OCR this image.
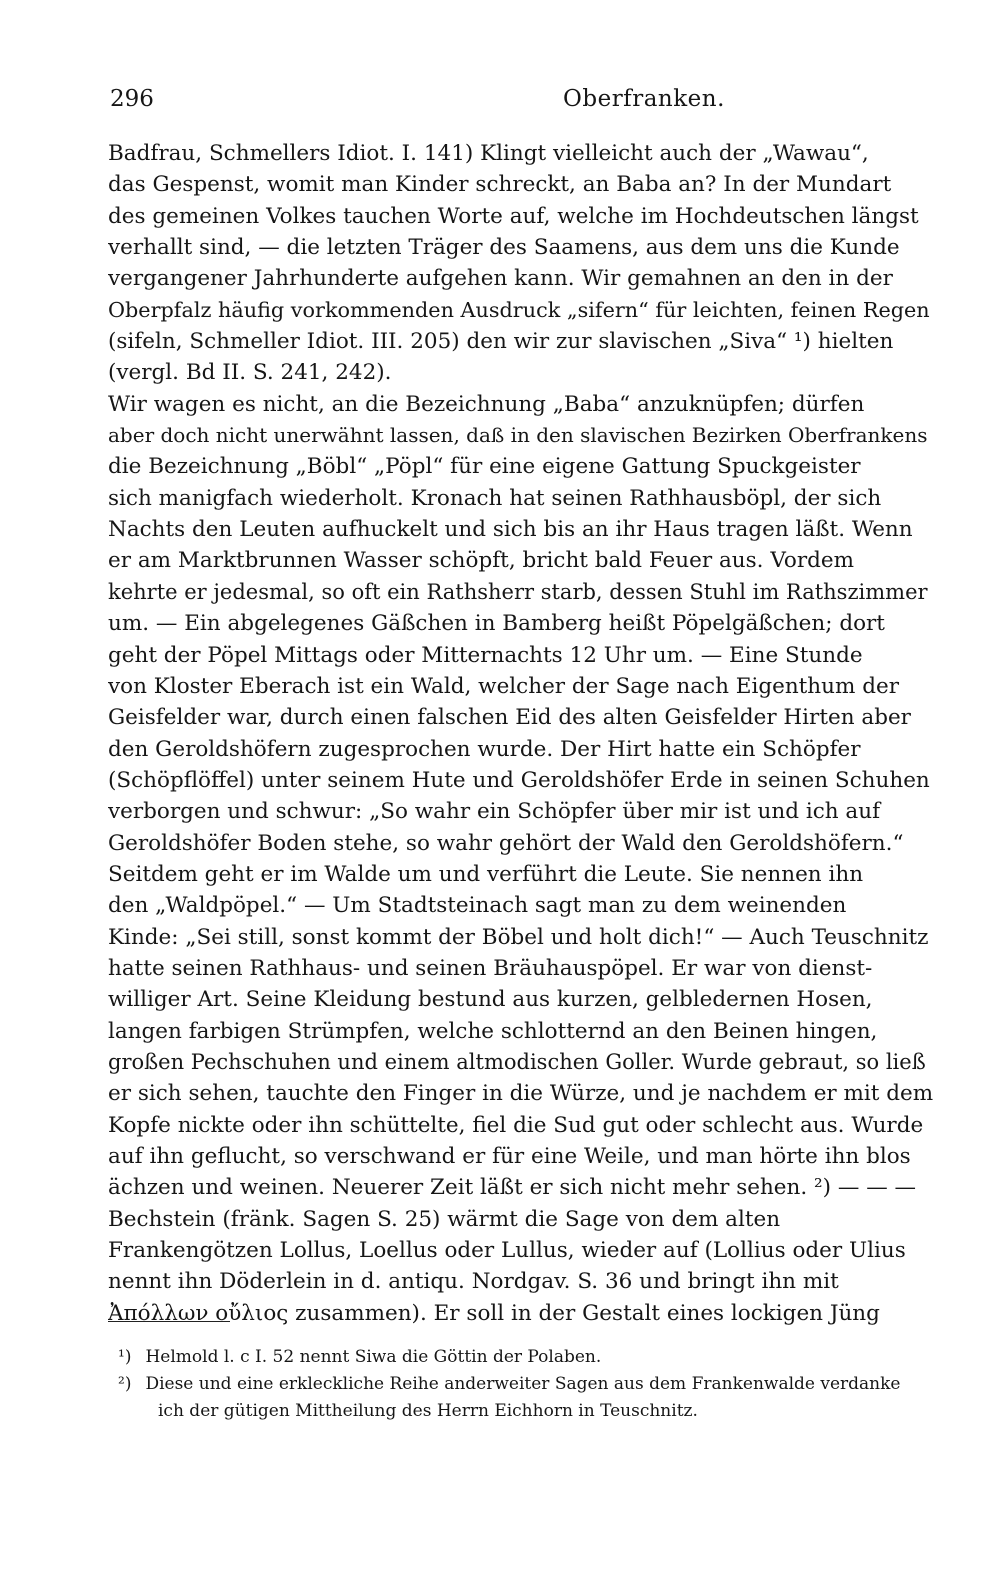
296	Oberfranken.
Badfrau, Schmellers Idiot. I. 141) Klingt vielleicht auch der „Wawau“,
das Gespenst, womit man Kinder schreckt, an Baba an? In der Mundart
des gemeinen Volkes tauchen Worte auf, welche im Hochdeutschen längst
verhallt sind, — die letzten Träger des Saamens, aus dem uns die Kunde
vergangener Jahrhunderte aufgehen kann. Wir gemahnen an den in der
Oberpfalz häufig vorkommenden Ausdruck „sifern“ für leichten, feinen Regen
(sifeln, Schmeller Idiot. III. 205) den wir zur slavischen „Siva“ ¹) hielten
(vergl. Bd II. S. 241, 242).
Wir wagen es nicht, an die Bezeichnung „Baba“ anzuknüpfen; dürfen
aber doch nicht unerwähnt lassen, daß in den slavischen Bezirken Oberfrankens
die Bezeichnung „Böbl“ „Pöpl“ für eine eigene Gattung Spuckgeister
sich manigfach wiederholt. Kronach hat seinen Rathhausböpl, der sich
Nachts den Leuten aufhuckelt und sich bis an ihr Haus tragen läßt. Wenn
er am Marktbrunnen Wasser schöpft, bricht bald Feuer aus. Vordem
kehrte er jedesmal, so oft ein Rathsherr starb, dessen Stuhl im Rathszimmer
um. — Ein abgelegenes Gäßchen in Bamberg heißt Pöpelgäßchen; dort
geht der Pöpel Mittags oder Mitternachts 12 Uhr um. — Eine Stunde
von Kloster Eberach ist ein Wald, welcher der Sage nach Eigenthum der
Geisfelder war, durch einen falschen Eid des alten Geisfelder Hirten aber
den Geroldshöfern zugesprochen wurde. Der Hirt hatte ein Schöpfer
(Schöpflöffel) unter seinem Hute und Geroldshöfer Erde in seinen Schuhen
verborgen und schwur: „So wahr ein Schöpfer über mir ist und ich auf
Geroldshöfer Boden stehe, so wahr gehört der Wald den Geroldshöfern.“
Seitdem geht er im Walde um und verführt die Leute. Sie nennen ihn
den „Waldpöpel.“ — Um Stadtsteinach sagt man zu dem weinenden
Kinde: „Sei still, sonst kommt der Böbel und holt dich!“ — Auch Teuschnitz
hatte seinen Rathhaus- und seinen Bräuhauspöpel. Er war von dienst-
williger Art. Seine Kleidung bestund aus kurzen, gelbledernen Hosen,
langen farbigen Strümpfen, welche schlotternd an den Beinen hingen,
großen Pechschuhen und einem altmodischen Goller. Wurde gebraut, so ließ
er sich sehen, tauchte den Finger in die Würze, und je nachdem er mit dem
Kopfe nickte oder ihn schüttelte, fiel die Sud gut oder schlecht aus. Wurde
auf ihn geflucht, so verschwand er für eine Weile, und man hörte ihn blos
ächzen und weinen. Neuerer Zeit läßt er sich nicht mehr sehen. ²) — — —
Bechstein (fränk. Sagen S. 25) wärmt die Sage von dem alten
Frankengötzen Lollus, Loellus oder Lullus, wieder auf (Lollius oder Ulius
nennt ihn Döderlein in d. antiqu. Nordgav. S. 36 und bringt ihn mit
Ἀπόλλων οὔλιος zusammen). Er soll in der Gestalt eines lockigen Jüng
¹) Helmold l. c I. 52 nennt Siwa die Göttin der Polaben.
²) Diese und eine erkleckliche Reihe anderweiter Sagen aus dem Frankenwalde verdanke
ich der gütigen Mittheilung des Herrn Eichhorn in Teuschnitz.
